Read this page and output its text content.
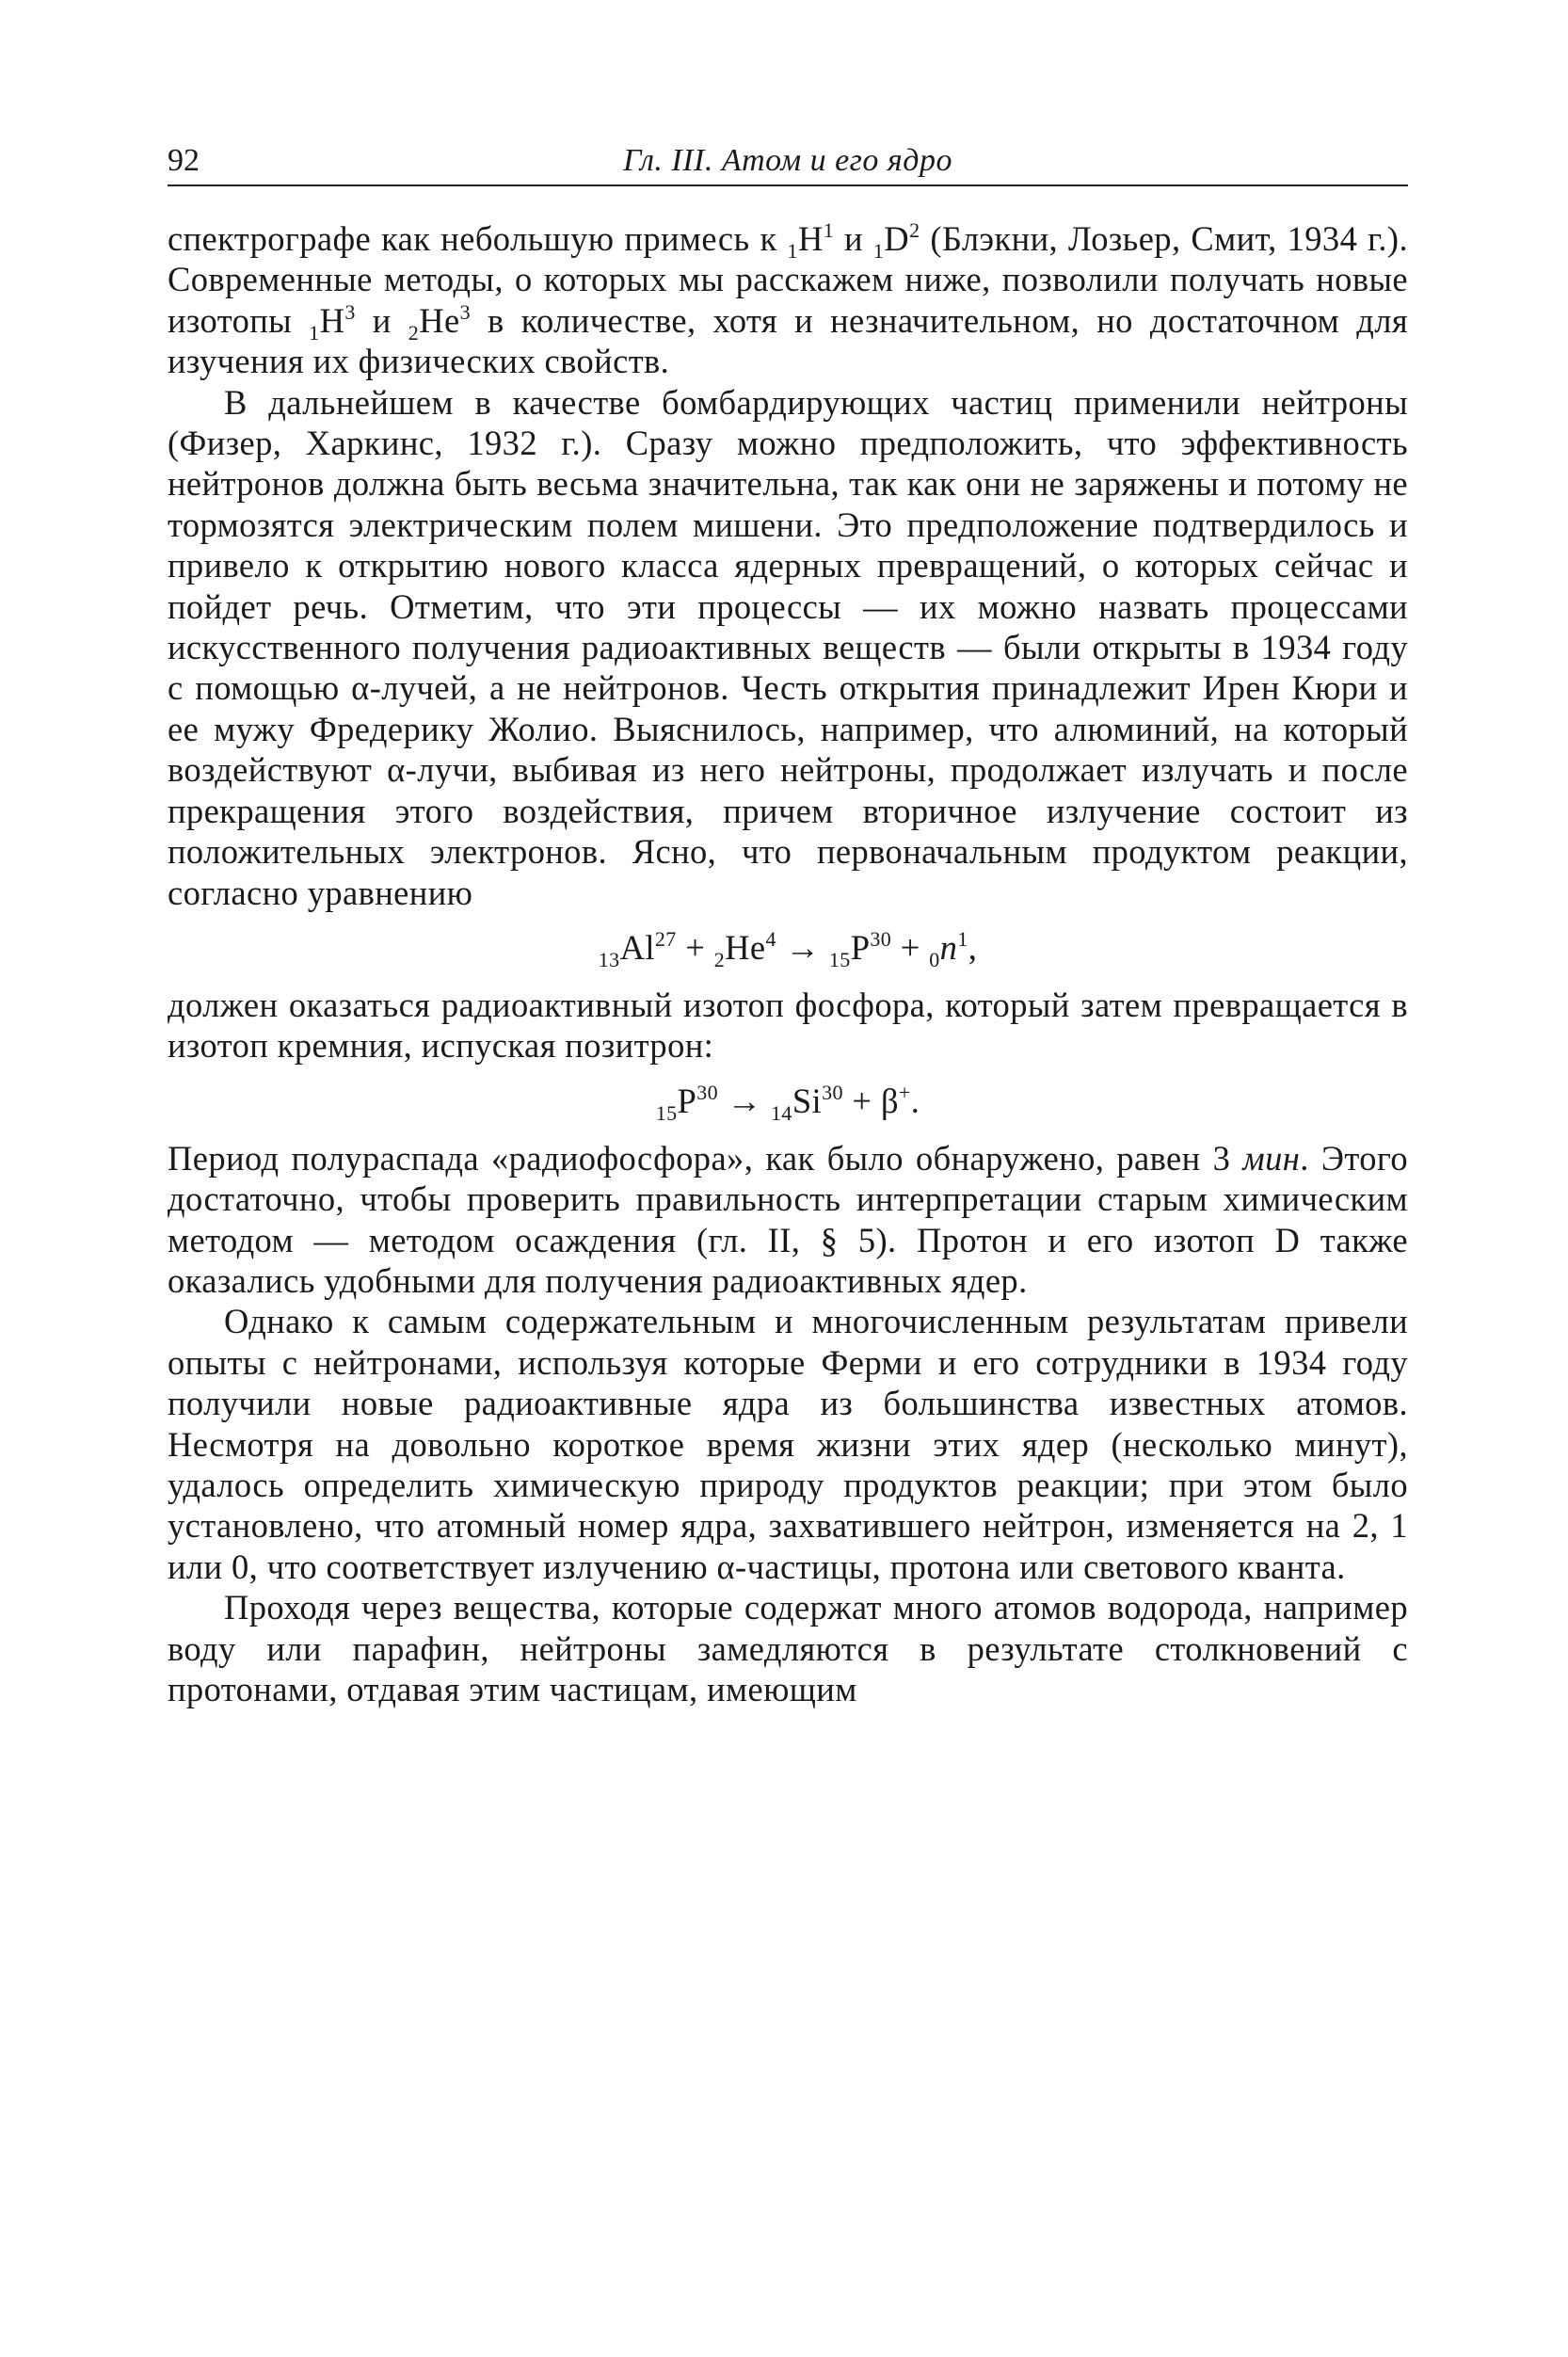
92	Гл. III. Атом и его ядро

спектрографе как небольшую примесь к $_1H^1$ и $_1D^2$ (Блэкни, Лозьер, Смит, 1934 г.). Современные методы, о которых мы расскажем ниже, позволили получать новые изотопы $_1H^3$ и $_2He^3$ в количестве, хотя и незначительном, но достаточном для изучения их физических свойств.

В дальнейшем в качестве бомбардирующих частиц применили нейтроны (Физер, Харкинс, 1932 г.). Сразу можно предположить, что эффективность нейтронов должна быть весьма значительна, так как они не заряжены и потому не тормозятся электрическим полем мишени. Это предположение подтвердилось и привело к открытию нового класса ядерных превращений, о которых сейчас и пойдет речь. Отметим, что эти процессы — их можно назвать процессами искусственного получения радиоактивных веществ — были открыты в 1934 году с помощью α-лучей, а не нейтронов. Честь открытия принадлежит Ирен Кюри и ее мужу Фредерику Жолио. Выяснилось, например, что алюминий, на который воздействуют α-лучи, выбивая из него нейтроны, продолжает излучать и после прекращения этого воздействия, причем вторичное излучение состоит из положительных электронов. Ясно, что первоначальным продуктом реакции, согласно уравнению

$_{13}Al^{27} + _2He^4 \to _{15}P^{30} + _0n^1$,

должен оказаться радиоактивный изотоп фосфора, который затем превращается в изотоп кремния, испуская позитрон:

$_{15}P^{30} \to _{14}Si^{30} + \beta^+$.

Период полураспада «радиофосфора», как было обнаружено, равен 3 мин. Этого достаточно, чтобы проверить правильность интерпретации старым химическим методом — методом осаждения (гл. II, § 5). Протон и его изотоп D также оказались удобными для получения радиоактивных ядер.

Однако к самым содержательным и многочисленным результатам привели опыты с нейтронами, используя которые Ферми и его сотрудники в 1934 году получили новые радиоактивные ядра из большинства известных атомов. Несмотря на довольно короткое время жизни этих ядер (несколько минут), удалось определить химическую природу продуктов реакции; при этом было установлено, что атомный номер ядра, захватившего нейтрон, изменяется на 2, 1 или 0, что соответствует излучению α-частицы, протона или светового кванта.

Проходя через вещества, которые содержат много атомов водорода, например воду или парафин, нейтроны замедляются в результате столкновений с протонами, отдавая этим частицам, имеющим
